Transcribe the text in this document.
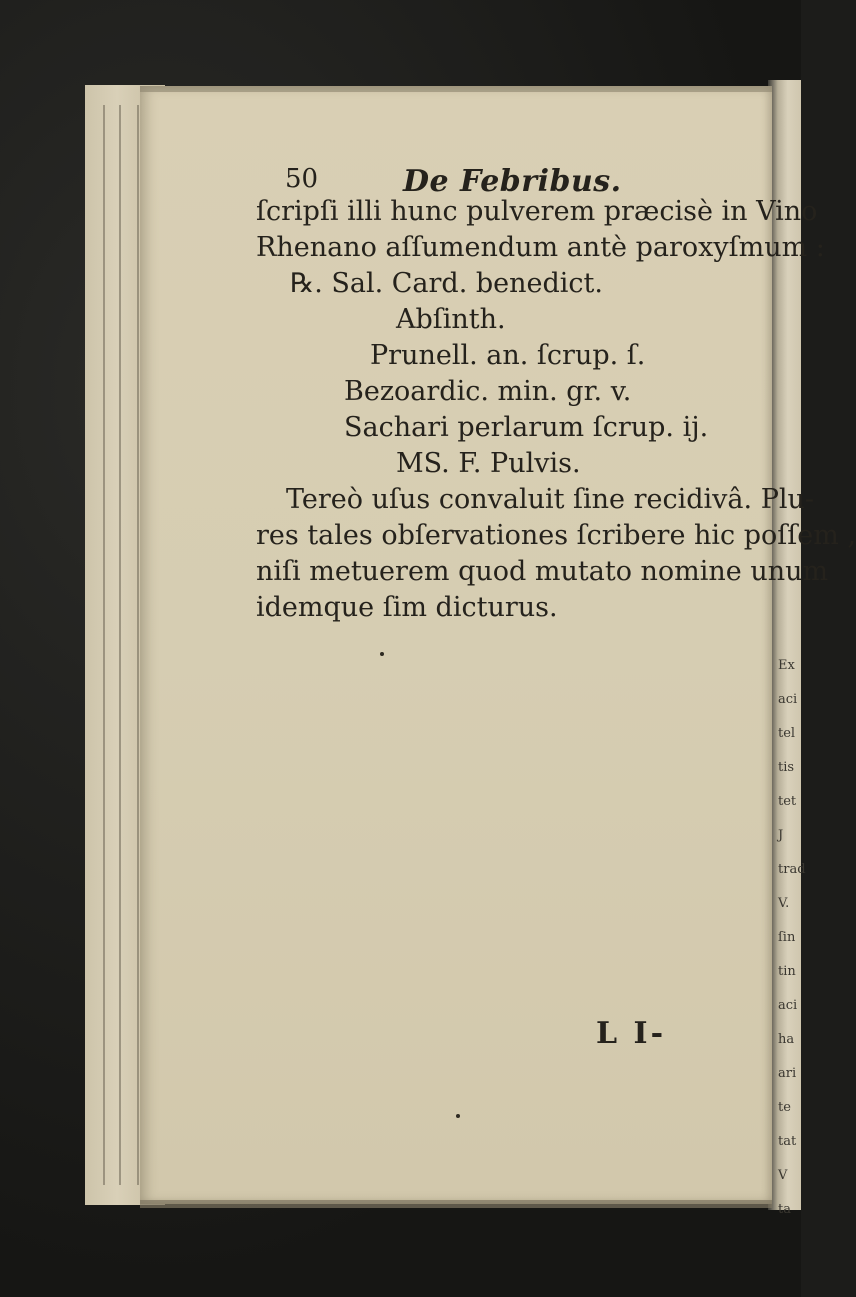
Ex
aci
tel
tis
tet
J
trad
V.
ſin
tin
aci
ha
ari
te
tat
V
ta
50	De Febribus.
ſcripſi illi hunc pulverem præcisè in Vino
Rhenano aſſumendum antè paroxyſmum :
℞. Sal. Card. benedict.
Abſinth.
Prunell. an. ſcrup. ſ.
Bezoardic. min. gr. v.
Sachari perlarum ſcrup. ij.
MS. F. Pulvis.
Tereò uſus convaluit ſine recidivâ. Plu-
res tales obſervationes ſcribere hic poſſem ,
niſi metuerem quod mutato nomine unum
idemque ſim dicturus.
L I-
